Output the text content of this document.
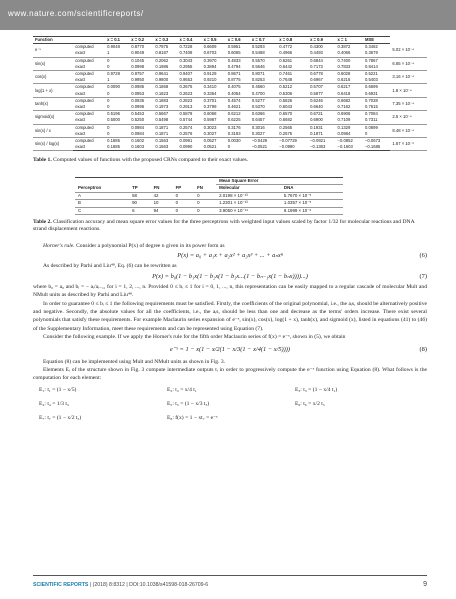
www.nature.com/scientificreports/
Function		x = 0.1	x = 0.2	x = 0.3	x = 0.4	x = 0.5	x = 0.6	x = 0.7	x = 0.8	x = 0.9	x = 1	MSE	
e⁻ˣ	computed	0.9048	0.8770	0.7975	0.7228	0.6609	0.5951	0.5293	0.4772	0.4300	0.3872	0.3482	5.02 × 10⁻⁴
	exact	1	0.9048	0.8187	0.7408	0.6703	0.6065	0.5488	0.4966	0.4493	0.4066	0.3679	
sin(x)	computed	0	0.1045	0.2062	0.3043	0.3970	0.4833	0.5570	0.6261	0.6844	0.7400	0.7867	6.65 × 10⁻⁴
	exact	0	0.0998	0.1986	0.2955	0.3894	0.4794	0.5646	0.6442	0.7173	0.7833	0.8414	
cos(x)	computed	0.9728	0.9757	0.9641	0.9407	0.9129	0.8671	0.8071	0.7461	0.6778	0.6028	0.5221	3.16 × 10⁻⁴
	exact	1	0.9950	0.9800	0.9553	0.9210	0.8775	0.8253	0.7648	0.6967	0.6216	0.5403	
log(1 + x)	computed	0.0090	0.0985	0.1868	0.2675	0.3410	0.4075	0.4660	0.5212	0.5707	0.6217	0.6699	1.8 × 10⁻⁴
	exact	0	0.0953	0.1823	0.2623	0.3364	0.4054	0.4700	0.5306	0.5877	0.6418	0.6931	
tanh(x)	computed	0	0.0935	0.1883	0.2823	0.3701	0.4574	0.5277	0.5826	0.6246	0.6682	0.7038	7.35 × 10⁻⁴
	exact	0	0.0996	0.1973	0.2913	0.3799	0.4621	0.5370	0.6043	0.6640	0.7162	0.7615	
sigmoid(x)	computed	0.5196	0.5453	0.5667	0.5878	0.6068	0.6212	0.6366	0.6570	0.6721	0.6906	0.7084	2.5 × 10⁻⁴
	exact	0.5000	0.5250	0.5498	0.5744	0.5987	0.6225	0.6457	0.6682	0.6900	0.7109	0.7311	
sin(x) / x	computed	0	0.0984	0.1871	0.2574	0.3023	0.3176	0.3016	0.2565	0.1931	0.1329	0.0899	8.48 × 10⁻⁴
	exact	0	0.0984	0.1871	0.2576	0.3027	0.3183	0.3027	0.2575	0.1871	0.0984	0	
sin(x) / log(x)	computed	0.1685	0.1602	0.1563	0.0991	0.0527	0.0030	−0.0429	−0.07729	−0.0921	−0.0852	−0.0673	1.67 × 10⁻³
	exact	0.1685	0.1603	0.1563	0.0990	0.0521	0	−0.0521	−0.0990	−0.1363	−0.1603	−0.1685	
Table 1. Computed values of functions with the proposed CRNs compared to their exact values.
					Mean Square Error	
Perceptron	TP	FN	FP	FN	Molecular	DNA
A	58	42	0	0	2.0198 × 10⁻¹³	5.7670 × 10⁻⁵
B	90	10	0	0	1.2301 × 10⁻¹³	1.0357 × 10⁻⁵
C	6	94	0	0	3.9050 × 10⁻¹⁴	9.1999 × 10⁻⁶
Table 2. Classification accuracy and mean square error values for the three perceptrons with weighted input values scaled by factor 1/32 for molecular reactions and DNA strand displacement reactions.
Horner's rule. Consider a polynomial P(x) of degree n given in its power form as
P(x) = a₀ + a₁x + a₂x² + a₃x³ + ... + aₙxⁿ	(6)
As described by Parhi and Liu⁴⁸, Eq. (6) can be rewritten as
P(x) = b₀(1 − b₁x(1 − b₂x(1 − b₃x...(1 − bₙ₋₁x(1 − bₙx))))...)	(7)
where b₀ = a₀ and bᵢ = − aᵢ/aᵢ₋₁, for i = 1, 2, ..., n. Provided 0 ≤ bᵢ ≤ 1 for i = 0, 1, ..., n, this representation can be easily mapped to a regular cascade of molecular Mult and NMult units as described by Parhi and Liu⁴⁸.
In order to guarantee 0 ≤ bᵢ ≤ 1 the following requirements must be satisfied. Firstly, the coefficients of the original polynomial, i.e., the aᵢs, should be alternatively positive and negative. Secondly, the absolute values for all the coefficients, i.e., the aᵢs, should be less than one and decrease as the terms' orders increase. There exist several polynomials that satisfy these requirements. For example Maclaurin series expansion of e⁻ˣ, sin(x), cos(x), log(1 + x), tanh(x), and sigmoid (x), listed in equations (41) to (46) of the Supplementary Information, meet these requirements and can be represented using Equation (7).
Consider the following example. If we apply the Horner's rule for the fifth order Maclaurin series of f(x) = e⁻ˣ, shown in (5), we obtain
e⁻ˣ = 1 − x(1 − x/2(1 − x/3(1 − x/4(1 − x/5))))	(8)
Equation (8) can be implemented using Mult and NMult units as shown in Fig. 3.
Elements Eᵢ of the structure shown in Fig. 3 compute intermediate outputs tᵢ in order to progressively compute the e⁻ˣ function using Equation (8). What follows is the computation for each element:
E₁: t₁ = (1 − x/5)	E₂: t₂ = x/4 t₁	E₃: t₃ = (1 − x/4 t₁)
E₄: t₄ = 1/3 t₃	E₅: t₅ = (1 − x/3 t₃)	E₆: t₆ = x/2 t₅
E₇: t₇ = (1 − x/2 t₅)	E₈: f(x) = 1 − xt₇ = e⁻ˣ
SCIENTIFIC REPORTS | (2018) 8:8312 | DOI:10.1038/s41598-018-26709-6	9
